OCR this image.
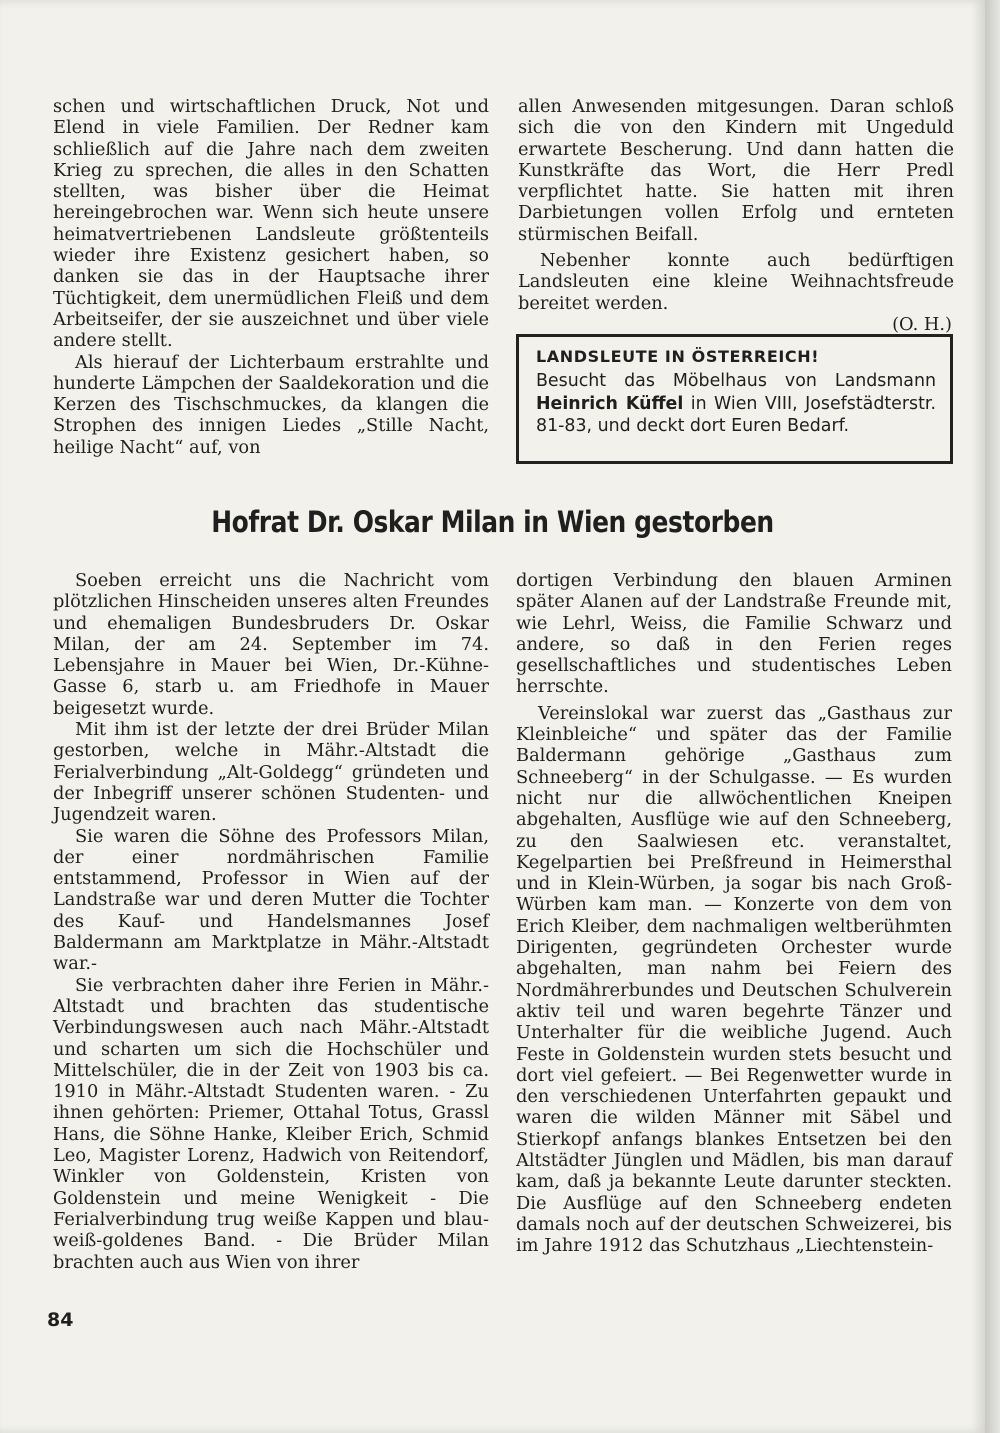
schen und wirtschaftlichen Druck, Not und Elend in viele Familien. Der Redner kam schließlich auf die Jahre nach dem zweiten Krieg zu sprechen, die alles in den Schatten stellten, was bisher über die Heimat hereingebrochen war. Wenn sich heute unsere heimatvertriebenen Landsleute größtenteils wieder ihre Existenz gesichert haben, so danken sie das in der Hauptsache ihrer Tüchtigkeit, dem unermüdlichen Fleiß und dem Arbeitseifer, der sie auszeichnet und über viele andere stellt.

Als hierauf der Lichterbaum erstrahlte und hunderte Lämpchen der Saaldekoration und die Kerzen des Tischschmuckes, da klangen die Strophen des innigen Liedes „Stille Nacht, heilige Nacht“ auf, von

allen Anwesenden mitgesungen. Daran schloß sich die von den Kindern mit Ungeduld erwartete Bescherung. Und dann hatten die Kunstkräfte das Wort, die Herr Predl verpflichtet hatte. Sie hatten mit ihren Darbietungen vollen Erfolg und ernteten stürmischen Beifall.

Nebenher konnte auch bedürftigen Landsleuten eine kleine Weihnachtsfreude bereitet werden.

(O. H.)

LANDSLEUTE IN ÖSTERREICH!
Besucht das Möbelhaus von Landsmann Heinrich Küffel in Wien VIII, Josefstädterstr. 81-83, und deckt dort Euren Bedarf.
Hofrat Dr. Oskar Milan in Wien gestorben

Soeben erreicht uns die Nachricht vom plötzlichen Hinscheiden unseres alten Freundes und ehemaligen Bundesbruders Dr. Oskar Milan, der am 24. September im 74. Lebensjahre in Mauer bei Wien, Dr.-Kühne-Gasse 6, starb u. am Friedhofe in Mauer beigesetzt wurde.

Mit ihm ist der letzte der drei Brüder Milan gestorben, welche in Mähr.-Altstadt die Ferialverbindung „Alt-Goldegg“ gründeten und der Inbegriff unserer schönen Studenten- und Jugendzeit waren.

Sie waren die Söhne des Professors Milan, der einer nordmährischen Familie entstammend, Professor in Wien auf der Landstraße war und deren Mutter die Tochter des Kauf- und Handelsmannes Josef Baldermann am Marktplatze in Mähr.-Altstadt war.-

Sie verbrachten daher ihre Ferien in Mähr.-Altstadt und brachten das studentische Verbindungswesen auch nach Mähr.-Altstadt und scharten um sich die Hochschüler und Mittelschüler, die in der Zeit von 1903 bis ca. 1910 in Mähr.-Altstadt Studenten waren. - Zu ihnen gehörten: Priemer, Ottahal Totus, Grassl Hans, die Söhne Hanke, Kleiber Erich, Schmid Leo, Magister Lorenz, Hadwich von Reitendorf, Winkler von Goldenstein, Kristen von Goldenstein und meine Wenigkeit - Die Ferialverbindung trug weiße Kappen und blau-weiß-goldenes Band. - Die Brüder Milan brachten auch aus Wien von ihrer

dortigen Verbindung den blauen Arminen später Alanen auf der Landstraße Freunde mit, wie Lehrl, Weiss, die Familie Schwarz und andere, so daß in den Ferien reges gesellschaftliches und studentisches Leben herrschte.

Vereinslokal war zuerst das „Gasthaus zur Kleinbleiche“ und später das der Familie Baldermann gehörige „Gasthaus zum Schneeberg“ in der Schulgasse. — Es wurden nicht nur die allwöchentlichen Kneipen abgehalten, Ausflüge wie auf den Schneeberg, zu den Saalwiesen etc. veranstaltet, Kegelpartien bei Preßfreund in Heimersthal und in Klein-Würben, ja sogar bis nach Groß-Würben kam man. — Konzerte von dem von Erich Kleiber, dem nachmaligen weltberühmten Dirigenten, gegründeten Orchester wurde abgehalten, man nahm bei Feiern des Nordmährerbundes und Deutschen Schulverein aktiv teil und waren begehrte Tänzer und Unterhalter für die weibliche Jugend. Auch Feste in Goldenstein wurden stets besucht und dort viel gefeiert. — Bei Regenwetter wurde in den verschiedenen Unterfahrten gepaukt und waren die wilden Männer mit Säbel und Stierkopf anfangs blankes Entsetzen bei den Altstädter Jünglen und Mädlen, bis man darauf kam, daß ja bekannte Leute darunter steckten. Die Ausflüge auf den Schneeberg endeten damals noch auf der deutschen Schweizerei, bis im Jahre 1912 das Schutzhaus „Liechtenstein-

84
